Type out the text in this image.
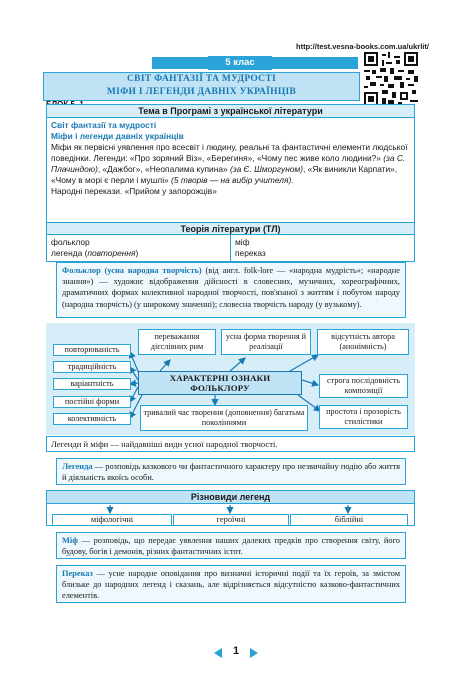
http://test.vesna-books.com.ua/ukrlit/
5 клас
СВІТ ФАНТАЗІЇ ТА МУДРОСТІ
МІФИ І ЛЕГЕНДИ ДАВНІХ УКРАЇНЦІВ
Тема в Програмі з української літератури
Світ фантазії та мудрості
Міфи і легенди давніх українців
Міфи як первісні уявлення про всесвіт і людину, реальні та фантастичні елементи людської поведінки. Легенди: «Про зоряний Віз», «Берегиня», «Чому пес живе коло людини?» (за С. Плачиндою), «Дажбог», «Неопалима купина» (за Є. Шморгуном), «Як виникли Карпати», «Чому в морі є перли і мушлі» (5 творів — на вибір учителя).
Народні перекази. «Прийом у запорожців»
Теорія літератури (ТЛ)
фольклор
легенда (повторення)
міф
переказ
Фольклор (усна народна творчість) (від англ. folk-lore — «народна мудрість»; «народне знання») — художнє відображення дійсності в словесних, музичних, хореографічних, драматичних формах колективної народної творчості, пов'язаної з життям і побутом народу (народна творчість) (у широкому значенні); словесна творчість народу (у вузькому).
переважання дієслівних рим
усна форма творення й реалізації
відсутність автора (анонімність)
повторюваність
традиційність
варіантність
постійні форми
колективність
ХАРАКТЕРНІ ОЗНАКИ ФОЛЬКЛОРУ
строга послідовність композиції
простота і прозорість стилістики
тривалий час творення (доповнення) багатьма поколіннями
Легенди й міфи — найдавніші види усної народної творчості.
Легенда — розповідь казкового чи фантастичного характеру про незвичайну подію або життя й діяльність якоїсь особи.
Різновиди легенд
міфологічні	героїчні	біблійні
Міф — розповідь, що передає уявлення наших далеких предків про створення світу, його будову, богів і демонів, різних фантастичних істот.
Переказ — усне народне оповідання про визначні історичні події та їх героїв, за змістом близьке до народних легенд і сказань, але відрізняється відсутністю казково-фантастичних елементів.
1
